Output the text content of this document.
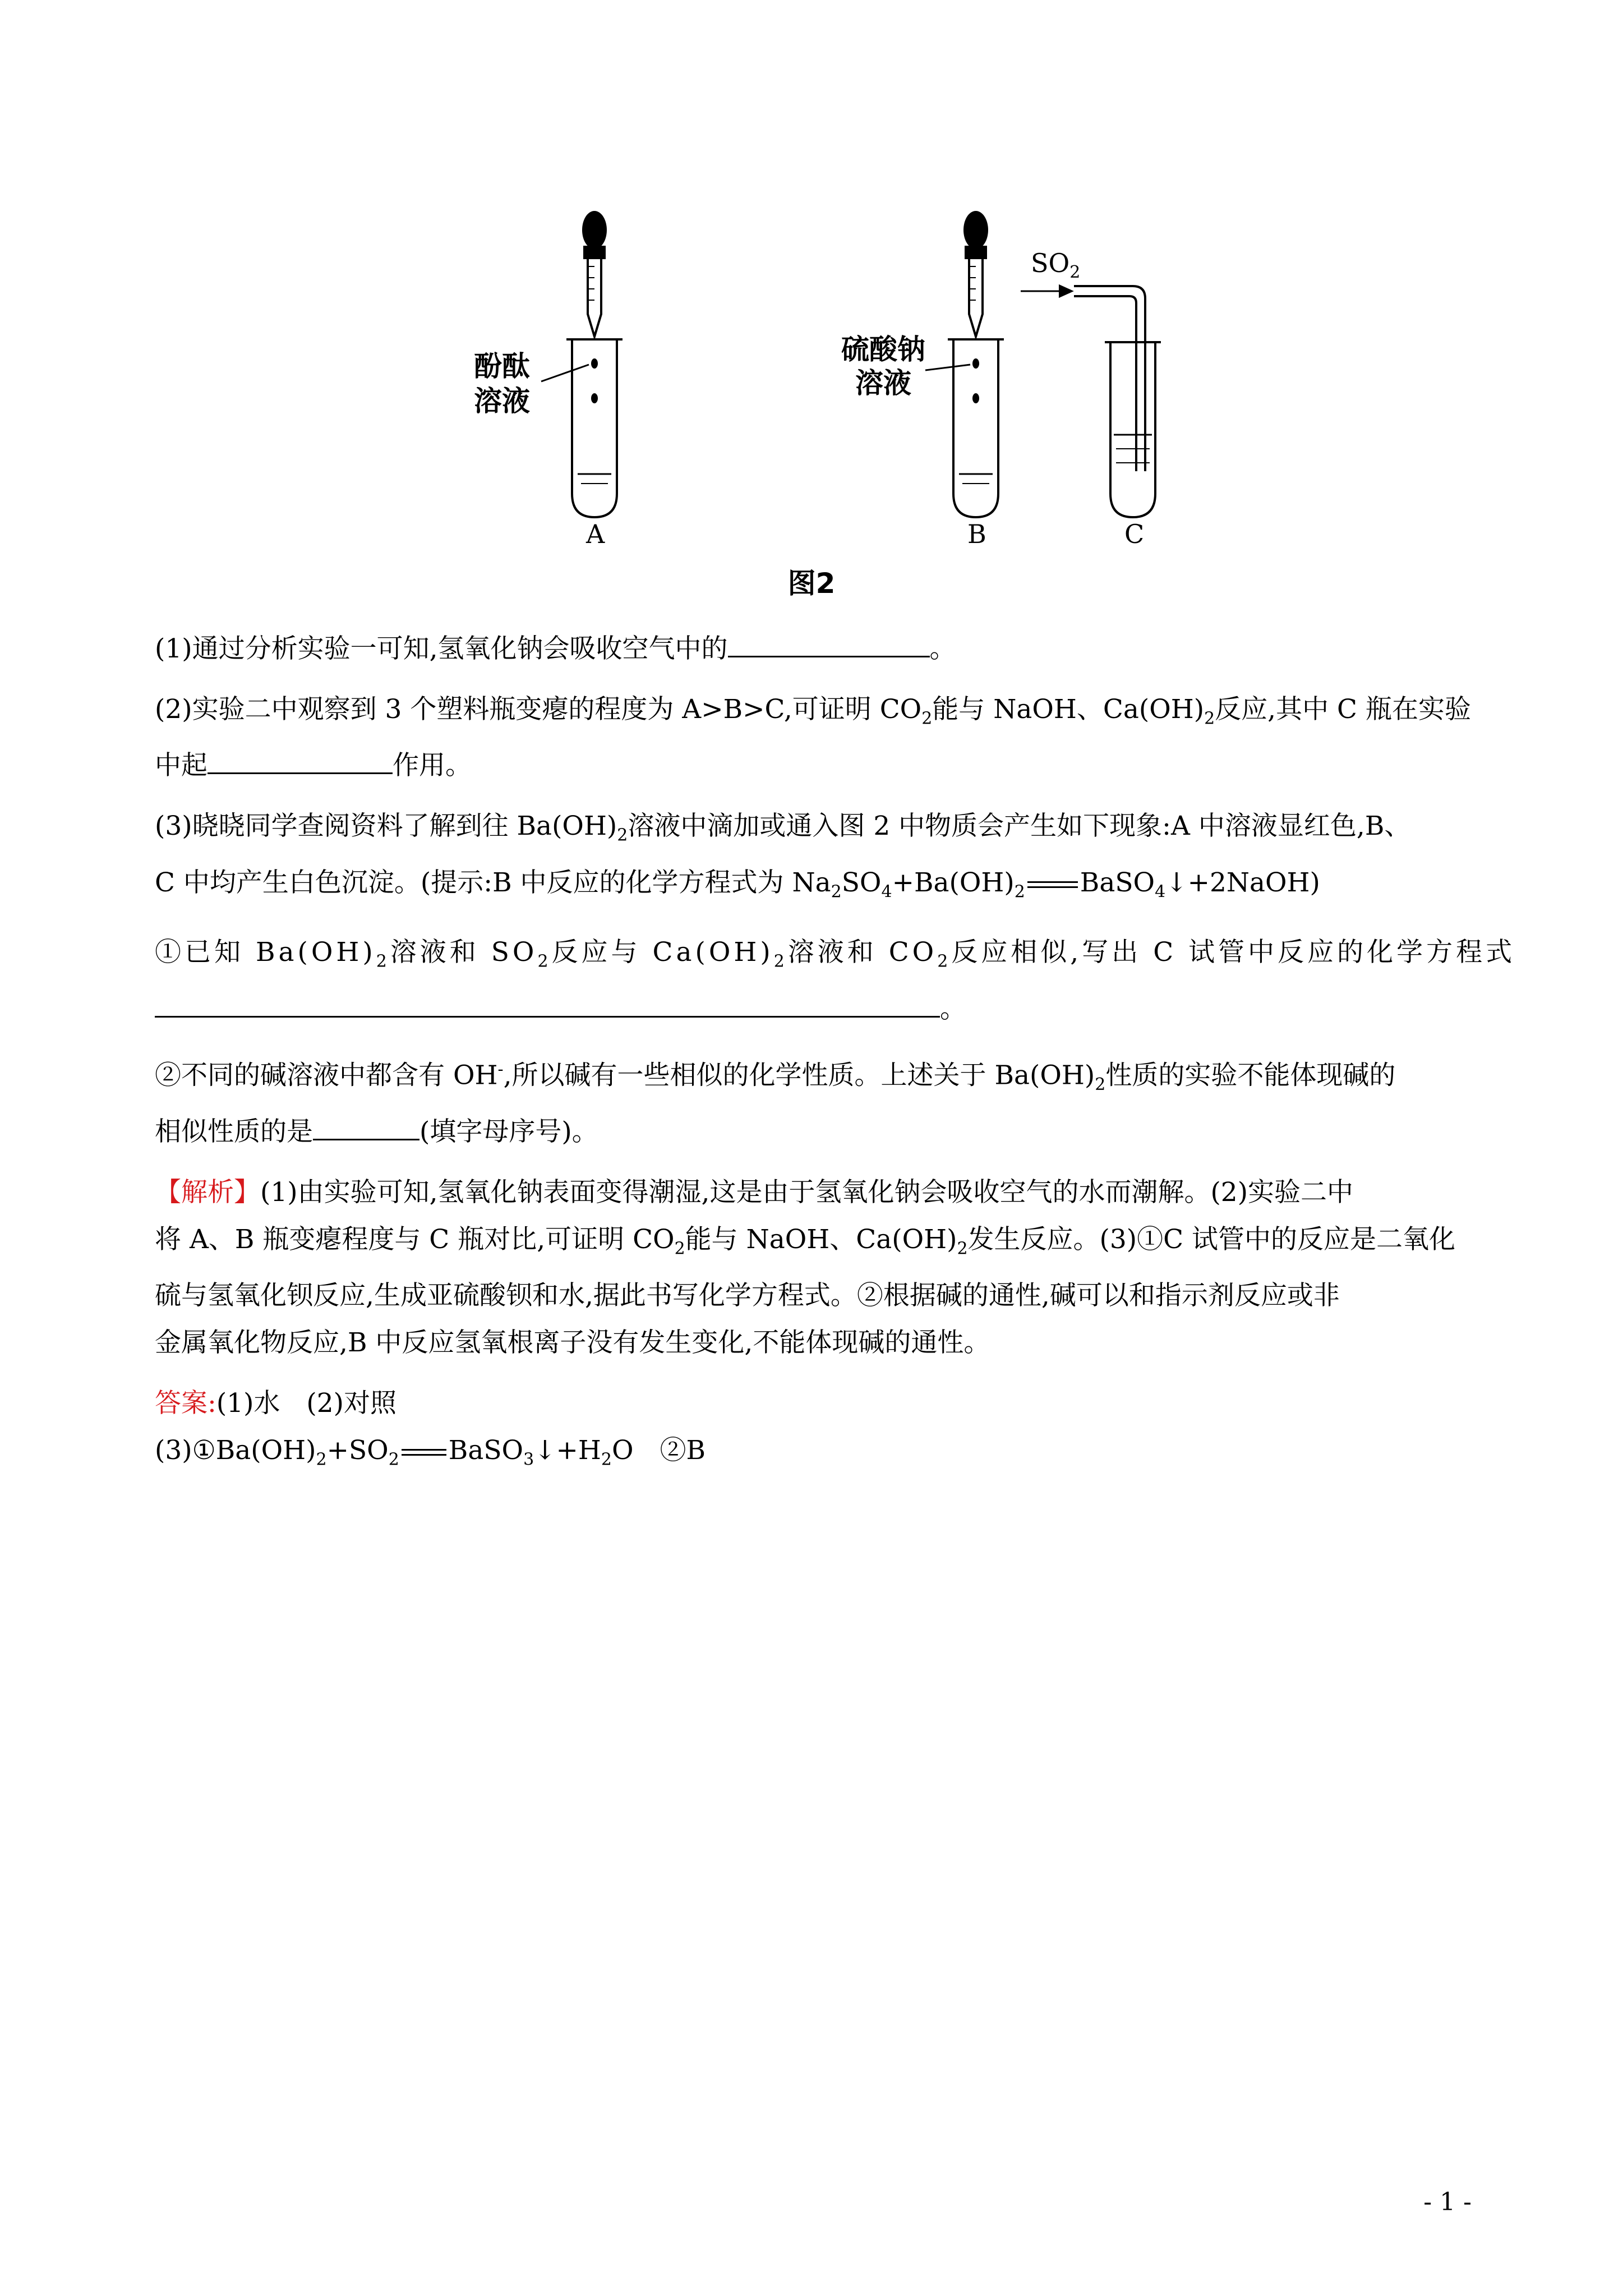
酚酞
溶液
硫酸钠
溶液
$SO_2$
A	B	C
图2

(1)通过分析实验一可知,氢氧化钠会吸收空气中的	。

(2)实验二中观察到 3 个塑料瓶变瘪的程度为 A>B>C,可证明 $CO_2$能与 NaOH、$Ca(OH)_2$反应,其中 C 瓶在实验

中起	作用。

(3)晓晓同学查阅资料了解到往 $Ba(OH)_2$溶液中滴加或通入图 2 中物质会产生如下现象:A 中溶液显红色,B、

C 中均产生白色沉淀。(提示:B 中反应的化学方程式为 $Na_2SO_4+Ba(OH)_2$ BaSO$_4$↓+2NaOH)

①已知 $Ba(OH)_2$溶液和 $SO_2$反应与 $Ca(OH)_2$溶液和 $CO_2$反应相似,写出 C 试管中反应的化学方程式

。

②不同的碱溶液中都含有 OH-,所以碱有一些相似的化学性质。上述关于 $Ba(OH)_2$性质的实验不能体现碱的

相似性质的是	(填字母序号)。

【解析】(1)由实验可知,氢氧化钠表面变得潮湿,这是由于氢氧化钠会吸收空气的水而潮解。(2)实验二中

将 A、B 瓶变瘪程度与 C 瓶对比,可证明 $CO_2$能与 NaOH、$Ca(OH)_2$发生反应。(3)①C 试管中的反应是二氧化

硫与氢氧化钡反应,生成亚硫酸钡和水,据此书写化学方程式。②根据碱的通性,碱可以和指示剂反应或非

金属氧化物反应,B 中反应氢氧根离子没有发生变化,不能体现碱的通性。

答案:(1)水　(2)对照

$(3)①Ba(OH)_2+SO_2$ $BaSO_3↓+H_2O$　②B

- 1 -
